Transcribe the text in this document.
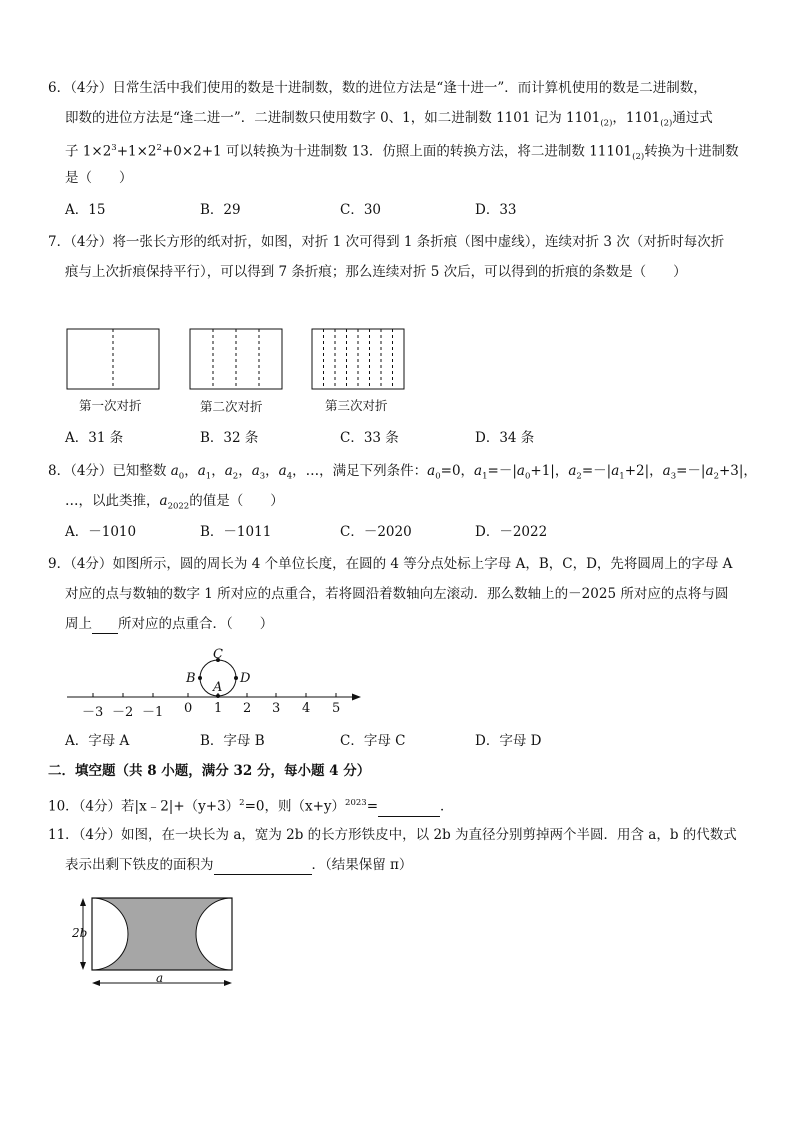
6．（4分）日常生活中我们使用的数是十进制数，数的进位方法是“逢十进一”．而计算机使用的数是二进制数，
即数的进位方法是“逢二进一”．二进制数只使用数字 0、1，如二进制数 1101 记为 $1101_{(2)}$，$1101_{(2)}$通过式
子 $1\times 2^3+1\times 2^2+0\times 2+1$ 可以转换为十进制数 13．仿照上面的转换方法，将二进制数 $11101_{(2)}$转换为十进制数
是（　　）
A．15	B．29	C．30	D．33
7．（4分）将一张长方形的纸对折，如图，对折 1 次可得到 1 条折痕（图中虚线），连续对折 3 次（对折时每次折
痕与上次折痕保持平行），可以得到 7 条折痕；那么连续对折 5 次后，可以得到的折痕的条数是（　　）
第一次对折	第二次对折	第三次对折
A．31 条	B．32 条	C．33 条	D．34 条
8．（4分）已知整数 $a_0$，$a_1$，$a_2$，$a_3$，$a_4$，…，满足下列条件：$a_0=0$，$a_1=-|a_0+1|$，$a_2=-|a_1+2|$，$a_3=-|a_2+3|$，
…，以此类推，$a_{2022}$的值是（　　）
A．－1010	B．－1011	C．－2020	D．－2022
9．（4分）如图所示，圆的周长为 4 个单位长度，在圆的 4 等分点处标上字母 A，B，C，D，先将圆周上的字母 A
对应的点与数轴的数字 1 所对应的点重合，若将圆沿着数轴向左滚动．那么数轴上的－2025 所对应的点将与圆
周上 所对应的点重合．（　　）
C
B
A
D
－3 －2 －1 0 1 2 3 4 5
A．字母 A	B．字母 B	C．字母 C	D．字母 D
二．填空题（共 8 小题，满分 32 分，每小题 4 分）
10．（4分）若$|x﹣2|+(y+3)^2=0$，则$(x+y)^{2023}=$	．
11．（4分）如图，在一块长为 a，宽为 2b 的长方形铁皮中，以 2b 为直径分别剪掉两个半圆．用含 a，b 的代数式
表示出剩下铁皮的面积为	．（结果保留 π）
2b
a
